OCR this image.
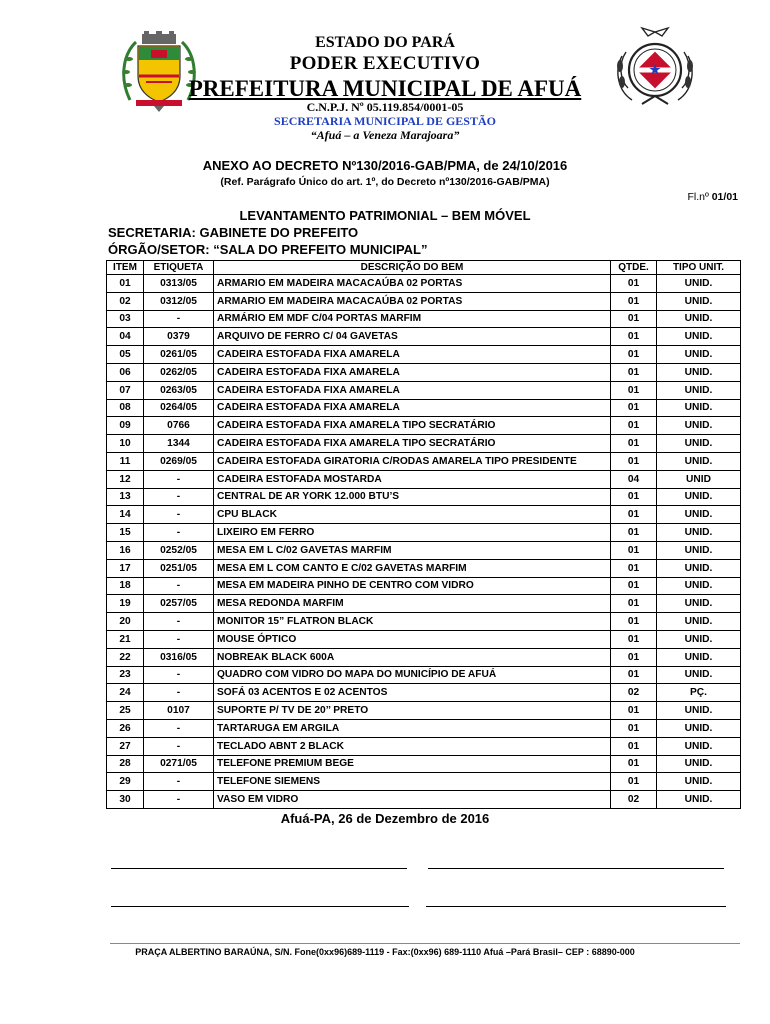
ESTADO DO PARÁ
PODER EXECUTIVO
PREFEITURA MUNICIPAL DE AFUÁ
C.N.P.J. Nº 05.119.854/0001-05
SECRETARIA MUNICIPAL DE GESTÃO
“Afuá – a Veneza Marajoara”
ANEXO AO DECRETO Nº130/2016-GAB/PMA, de 24/10/2016
(Ref. Parágrafo Único do art. 1º, do Decreto nº130/2016-GAB/PMA)
Fl.nº 01/01
LEVANTAMENTO PATRIMONIAL – BEM MÓVEL
SECRETARIA: GABINETE DO PREFEITO
ÓRGÃO/SETOR: “SALA DO PREFEITO MUNICIPAL”
ITEM	ETIQUETA	DESCRIÇÃO DO BEM	QTDE.	TIPO UNIT.
01	0313/05	ARMARIO EM MADEIRA MACACAÚBA 02 PORTAS	01	UNID.
02	0312/05	ARMARIO EM MADEIRA MACACAÚBA 02 PORTAS	01	UNID.
03	-	ARMÁRIO EM MDF C/04 PORTAS MARFIM	01	UNID.
04	0379	ARQUIVO DE FERRO C/ 04 GAVETAS	01	UNID.
05	0261/05	CADEIRA ESTOFADA FIXA AMARELA	01	UNID.
06	0262/05	CADEIRA ESTOFADA FIXA AMARELA	01	UNID.
07	0263/05	CADEIRA ESTOFADA FIXA AMARELA	01	UNID.
08	0264/05	CADEIRA ESTOFADA FIXA AMARELA	01	UNID.
09	0766	CADEIRA ESTOFADA FIXA AMARELA TIPO SECRATÁRIO	01	UNID.
10	1344	CADEIRA ESTOFADA FIXA AMARELA TIPO SECRATÁRIO	01	UNID.
11	0269/05	CADEIRA ESTOFADA GIRATORIA C/RODAS AMARELA TIPO PRESIDENTE	01	UNID.
12	-	CADEIRA ESTOFADA MOSTARDA	04	UNID
13	-	CENTRAL DE AR YORK 12.000 BTU’S	01	UNID.
14	-	CPU BLACK	01	UNID.
15	-	LIXEIRO EM FERRO	01	UNID.
16	0252/05	MESA EM L C/02 GAVETAS MARFIM	01	UNID.
17	0251/05	MESA EM L COM CANTO E C/02 GAVETAS MARFIM	01	UNID.
18	-	MESA EM MADEIRA PINHO DE CENTRO COM VIDRO	01	UNID.
19	0257/05	MESA REDONDA MARFIM	01	UNID.
20	-	MONITOR 15” FLATRON BLACK	01	UNID.
21	-	MOUSE ÓPTICO	01	UNID.
22	0316/05	NOBREAK BLACK 600A	01	UNID.
23	-	QUADRO COM VIDRO DO MAPA DO MUNICÍPIO DE AFUÁ	01	UNID.
24	-	SOFÁ 03 ACENTOS E 02 ACENTOS	02	PÇ.
25	0107	SUPORTE P/ TV DE 20’’ PRETO	01	UNID.
26	-	TARTARUGA EM ARGILA	01	UNID.
27	-	TECLADO ABNT 2 BLACK	01	UNID.
28	0271/05	TELEFONE PREMIUM BEGE	01	UNID.
29	-	TELEFONE SIEMENS	01	UNID.
30	-	VASO EM VIDRO	02	UNID.
Afuá-PA, 26 de Dezembro de 2016
PRAÇA ALBERTINO BARAÚNA, S/N. Fone(0xx96)689-1119 - Fax:(0xx96) 689-1110 Afuá –Pará Brasil– CEP : 68890-000
